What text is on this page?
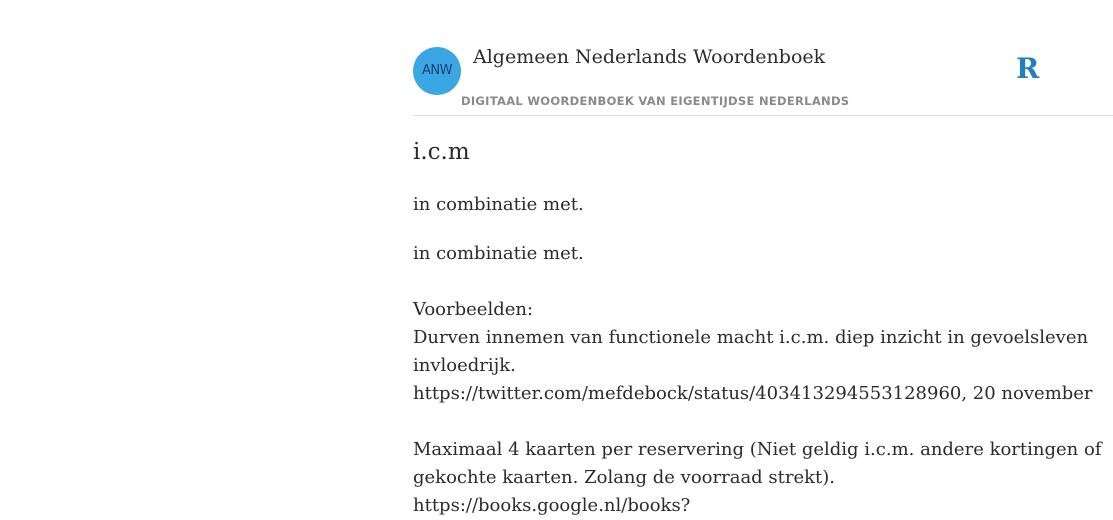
ANW
Algemeen Nederlands Woordenboek
DIGITAAL WOORDENBOEK VAN EIGENTIJDSE NEDERLANDS
R
i.c.m
in combinatie met.
in combinatie met.
Voorbeelden:
Durven innemen van functionele macht i.c.m. diep inzicht in gevoelsleven
invloedrijk.
https://twitter.com/mefdebock/status/403413294553128960, 20 november
Maximaal 4 kaarten per reservering (Niet geldig i.c.m. andere kortingen of
gekochte kaarten. Zolang de voorraad strekt).
https://books.google.nl/books?
